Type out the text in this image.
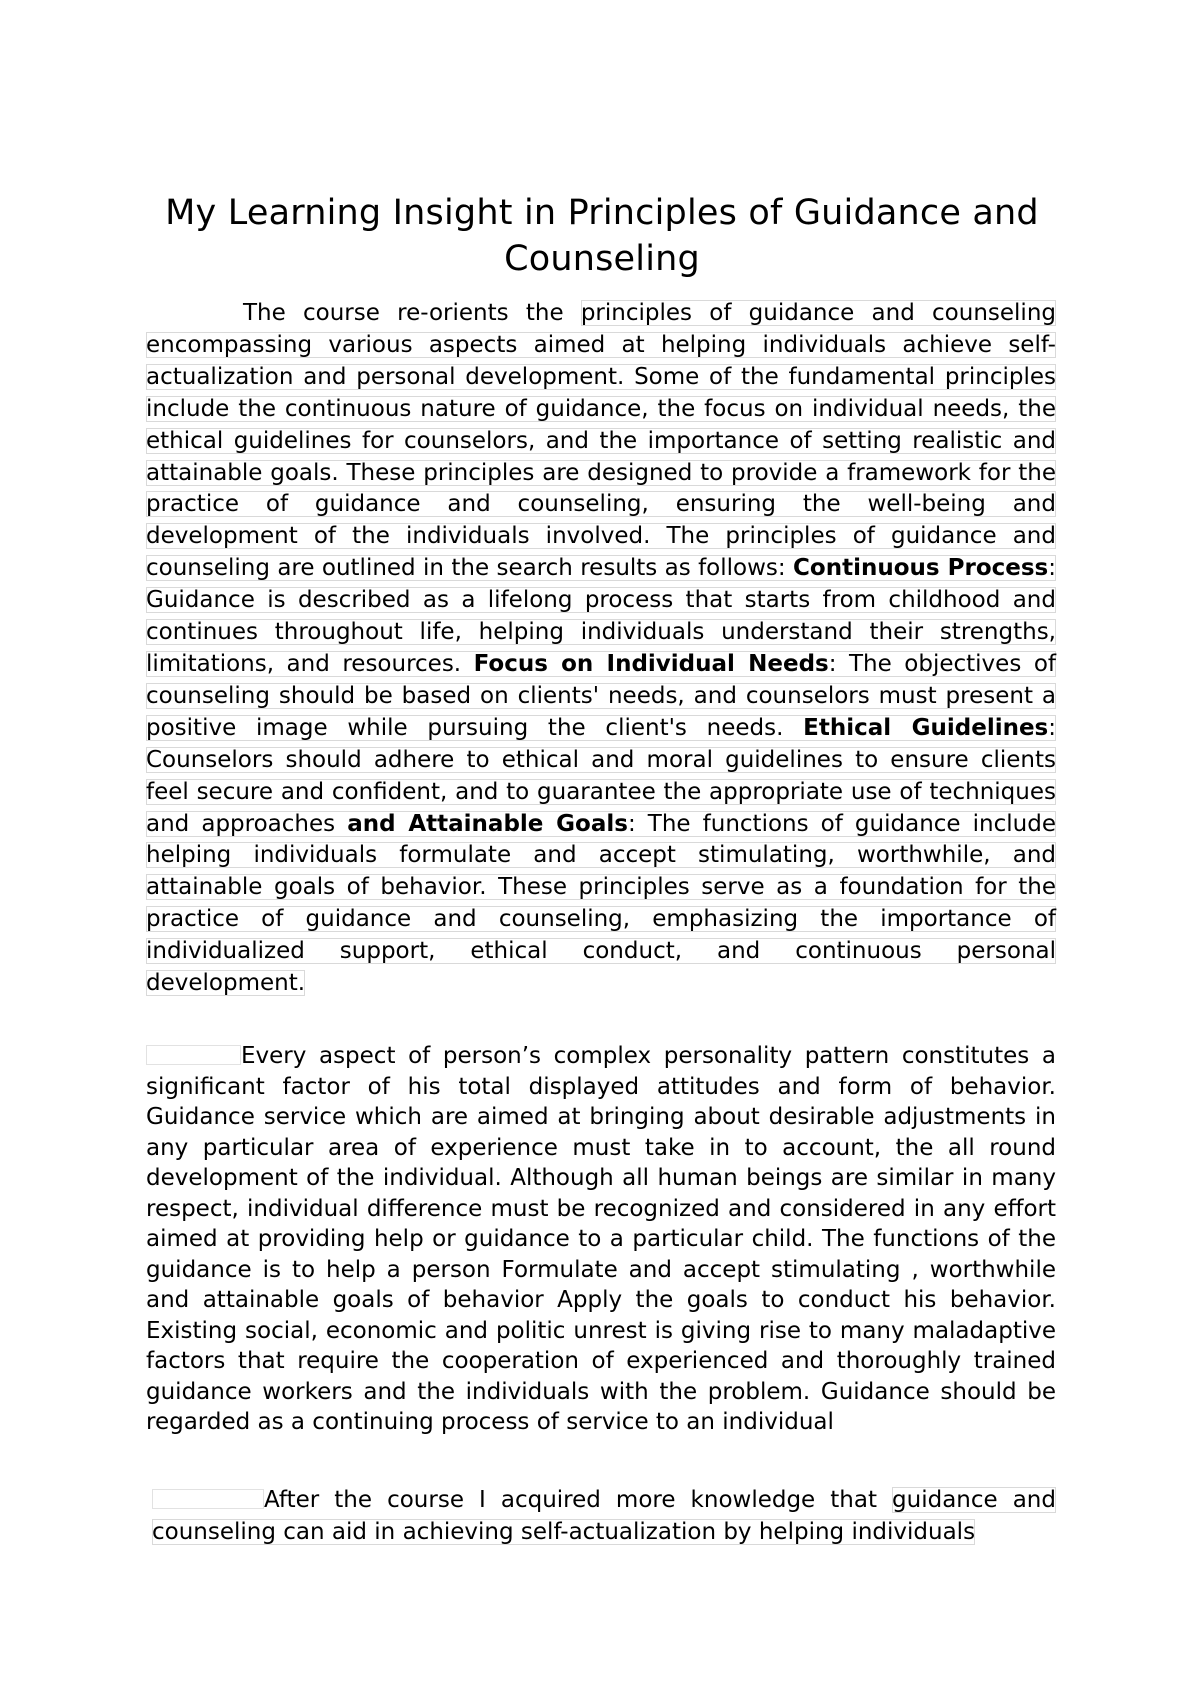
My Learning Insight in Principles of Guidance and Counseling

The course re-orients the principles of guidance and counseling encompassing various aspects aimed at helping individuals achieve self-actualization and personal development. Some of the fundamental principles include the continuous nature of guidance, the focus on individual needs, the ethical guidelines for counselors, and the importance of setting realistic and attainable goals. These principles are designed to provide a framework for the practice of guidance and counseling, ensuring the well-being and development of the individuals involved. The principles of guidance and counseling are outlined in the search results as follows: Continuous Process: Guidance is described as a lifelong process that starts from childhood and continues throughout life, helping individuals understand their strengths, limitations, and resources. Focus on Individual Needs: The objectives of counseling should be based on clients' needs, and counselors must present a positive image while pursuing the client's needs. Ethical Guidelines: Counselors should adhere to ethical and moral guidelines to ensure clients feel secure and confident, and to guarantee the appropriate use of techniques and approaches and Attainable Goals: The functions of guidance include helping individuals formulate and accept stimulating, worthwhile, and attainable goals of behavior. These principles serve as a foundation for the practice of guidance and counseling, emphasizing the importance of individualized support, ethical conduct, and continuous personal development.

Every aspect of person’s complex personality pattern constitutes a significant factor of his total displayed attitudes and form of behavior. Guidance service which are aimed at bringing about desirable adjustments in any particular area of experience must take in to account, the all round development of the individual. Although all human beings are similar in many respect, individual difference must be recognized and considered in any effort aimed at providing help or guidance to a particular child. The functions of the guidance is to help a person Formulate and accept stimulating , worthwhile and attainable goals of behavior Apply the goals to conduct his behavior. Existing social, economic and politic unrest is giving rise to many maladaptive factors that require the cooperation of experienced and thoroughly trained guidance workers and the individuals with the problem. Guidance should be regarded as a continuing process of service to an individual

After the course I acquired more knowledge that guidance and counseling can aid in achieving self-actualization by helping individuals
